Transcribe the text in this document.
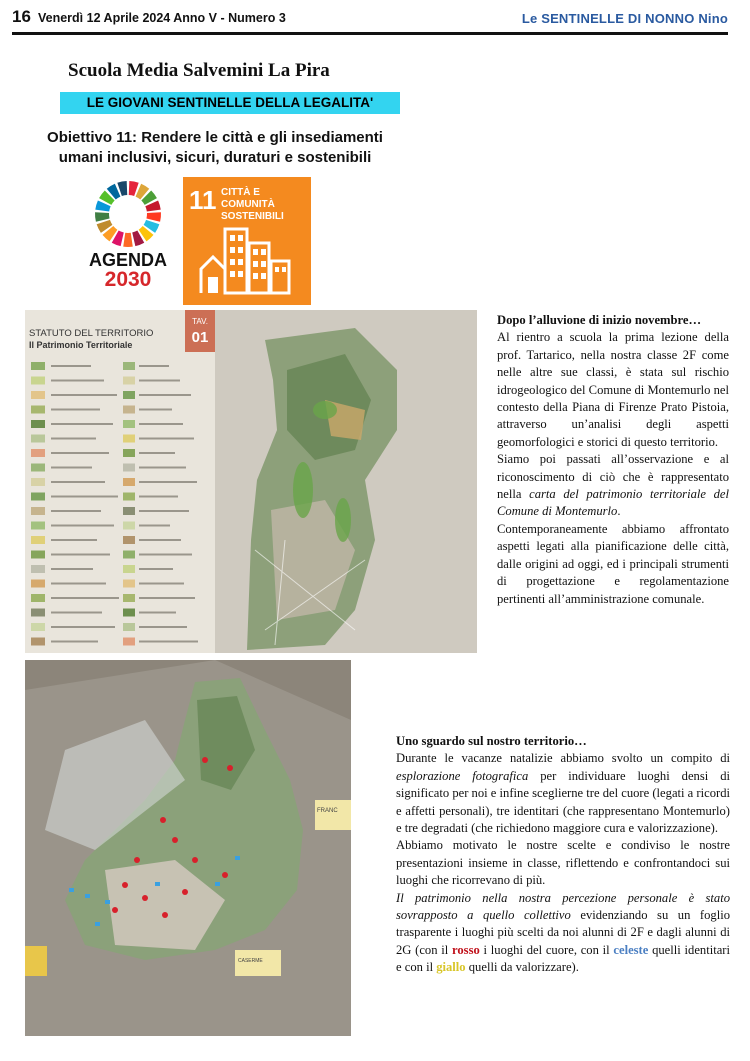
16 Venerdì 12 Aprile 2024 Anno V - Numero 3	Le SENTINELLE DI NONNO Nino
Scuola Media Salvemini La Pira
LE GIOVANI SENTINELLE DELLA LEGALITA'
Obiettivo 11: Rendere le città e gli insediamenti
umani inclusivi, sicuri, duraturi e sostenibili
AGENDA
2030
11 CITTÀ E COMUNITÀ SOSTENIBILI
TAV.
01
STATUTO DEL TERRITORIO
Il Patrimonio Territoriale
FRANC
CASERME

Dopo l’alluvione di inizio novembre…

Al rientro a scuola la prima lezione della prof. Tartarico, nella nostra classe 2F come nelle altre sue classi, è stata sul rischio idrogeologico del Comune di Montemurlo nel contesto della Piana di Firenze Prato Pistoia, attraverso un’analisi degli aspetti geomorfologici e storici di questo territorio.

Siamo poi passati all’osservazione e al riconoscimento di ciò che è rappresentato nella carta del patrimonio territoriale del Comune di Montemurlo.

Contemporaneamente abbiamo affrontato aspetti legati alla pianificazione delle città, dalle origini ad oggi, ed i principali strumenti di progettazione e regolamentazione pertinenti all’amministrazione comunale.

Uno sguardo sul nostro territorio…

Durante le vacanze natalizie abbiamo svolto un compito di esplorazione fotografica per individuare luoghi densi di significato per noi e infine sceglierne tre del cuore (legati a ricordi e affetti personali), tre identitari (che rappresentano Montemurlo) e tre degradati (che richiedono maggiore cura e valorizzazione).

Abbiamo motivato le nostre scelte e condiviso le nostre presentazioni insieme in classe, riflettendo e confrontandoci sui luoghi che ricorrevano di più.

Il patrimonio nella nostra percezione personale è stato sovrapposto a quello collettivo evidenziando su un foglio trasparente i luoghi più scelti da noi alunni di 2F e dagli alunni di 2G (con il rosso i luoghi del cuore, con il celeste quelli identitari e con il giallo quelli da valorizzare).
